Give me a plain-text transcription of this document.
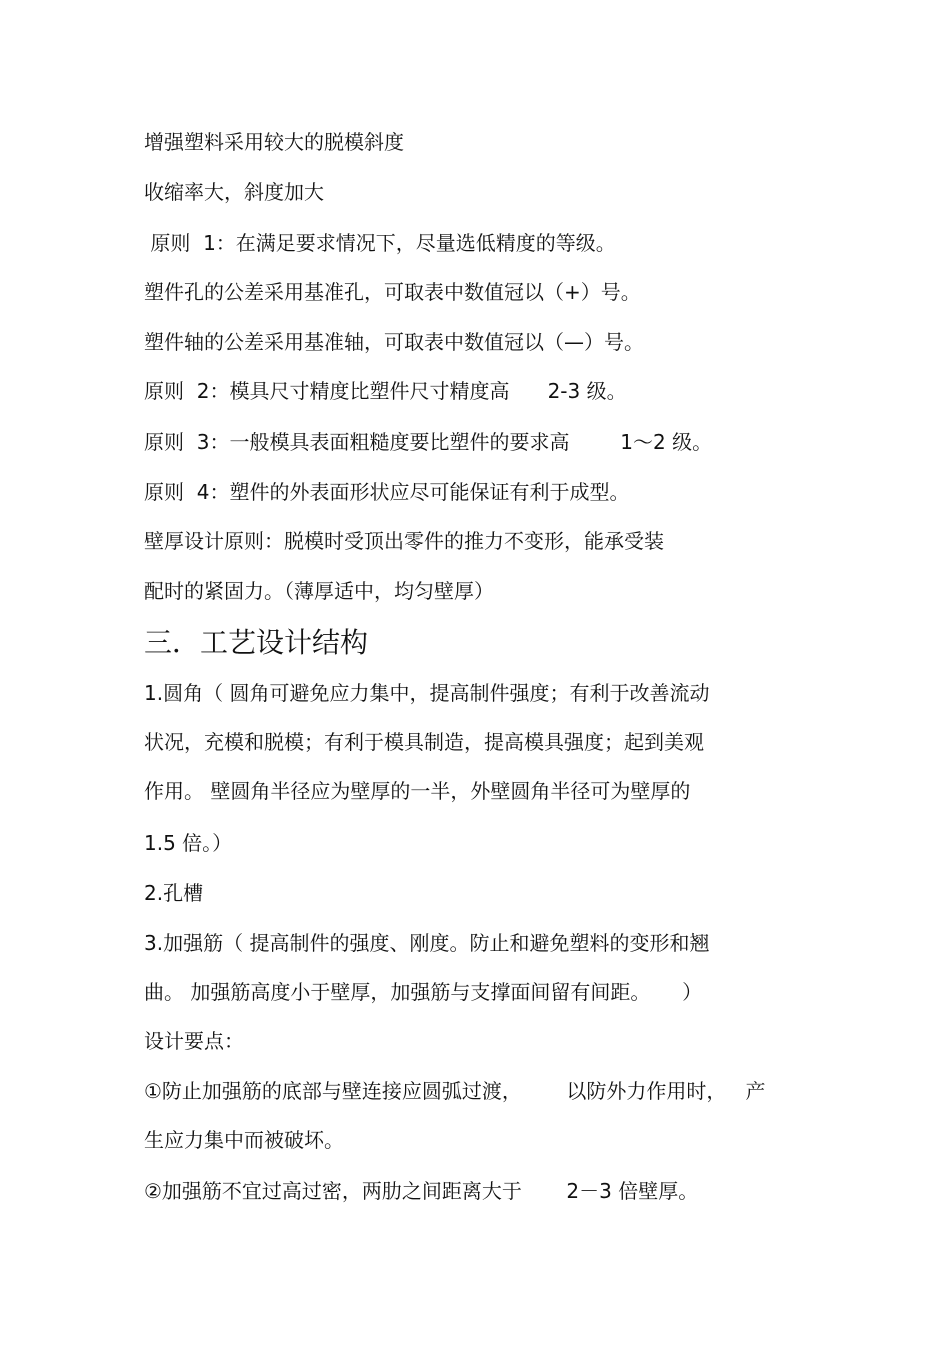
增强塑料采用较大的脱模斜度
收缩率大，斜度加大
原则  1：在满足要求情况下，尽量选低精度的等级。
塑件孔的公差采用基准孔，可取表中数值冠以（+）号。
塑件轴的公差采用基准轴，可取表中数值冠以（—）号。
原则  2：模具尺寸精度比塑件尺寸精度高      2-3 级。
原则  3：一般模具表面粗糙度要比塑件的要求高        1～2 级。
原则  4：塑件的外表面形状应尽可能保证有利于成型。
壁厚设计原则：脱模时受顶出零件的推力不变形，能承受装
配时的紧固力。（薄厚适中，均匀壁厚）
三．工艺设计结构
1.圆角（ 圆角可避免应力集中，提高制件强度；有利于改善流动
状况，充模和脱模；有利于模具制造，提高模具强度；起到美观
作用。 壁圆角半径应为壁厚的一半，外壁圆角半径可为壁厚的
1.5 倍。）
2.孔槽
3.加强筋（ 提高制件的强度、刚度。防止和避免塑料的变形和翘
曲。 加强筋高度小于壁厚，加强筋与支撑面间留有间距。     ）
设计要点：
①防止加强筋的底部与壁连接应圆弧过渡，       以防外力作用时，   产
生应力集中而被破坏。
②加强筋不宜过高过密，两肋之间距离大于       2－3 倍壁厚。
